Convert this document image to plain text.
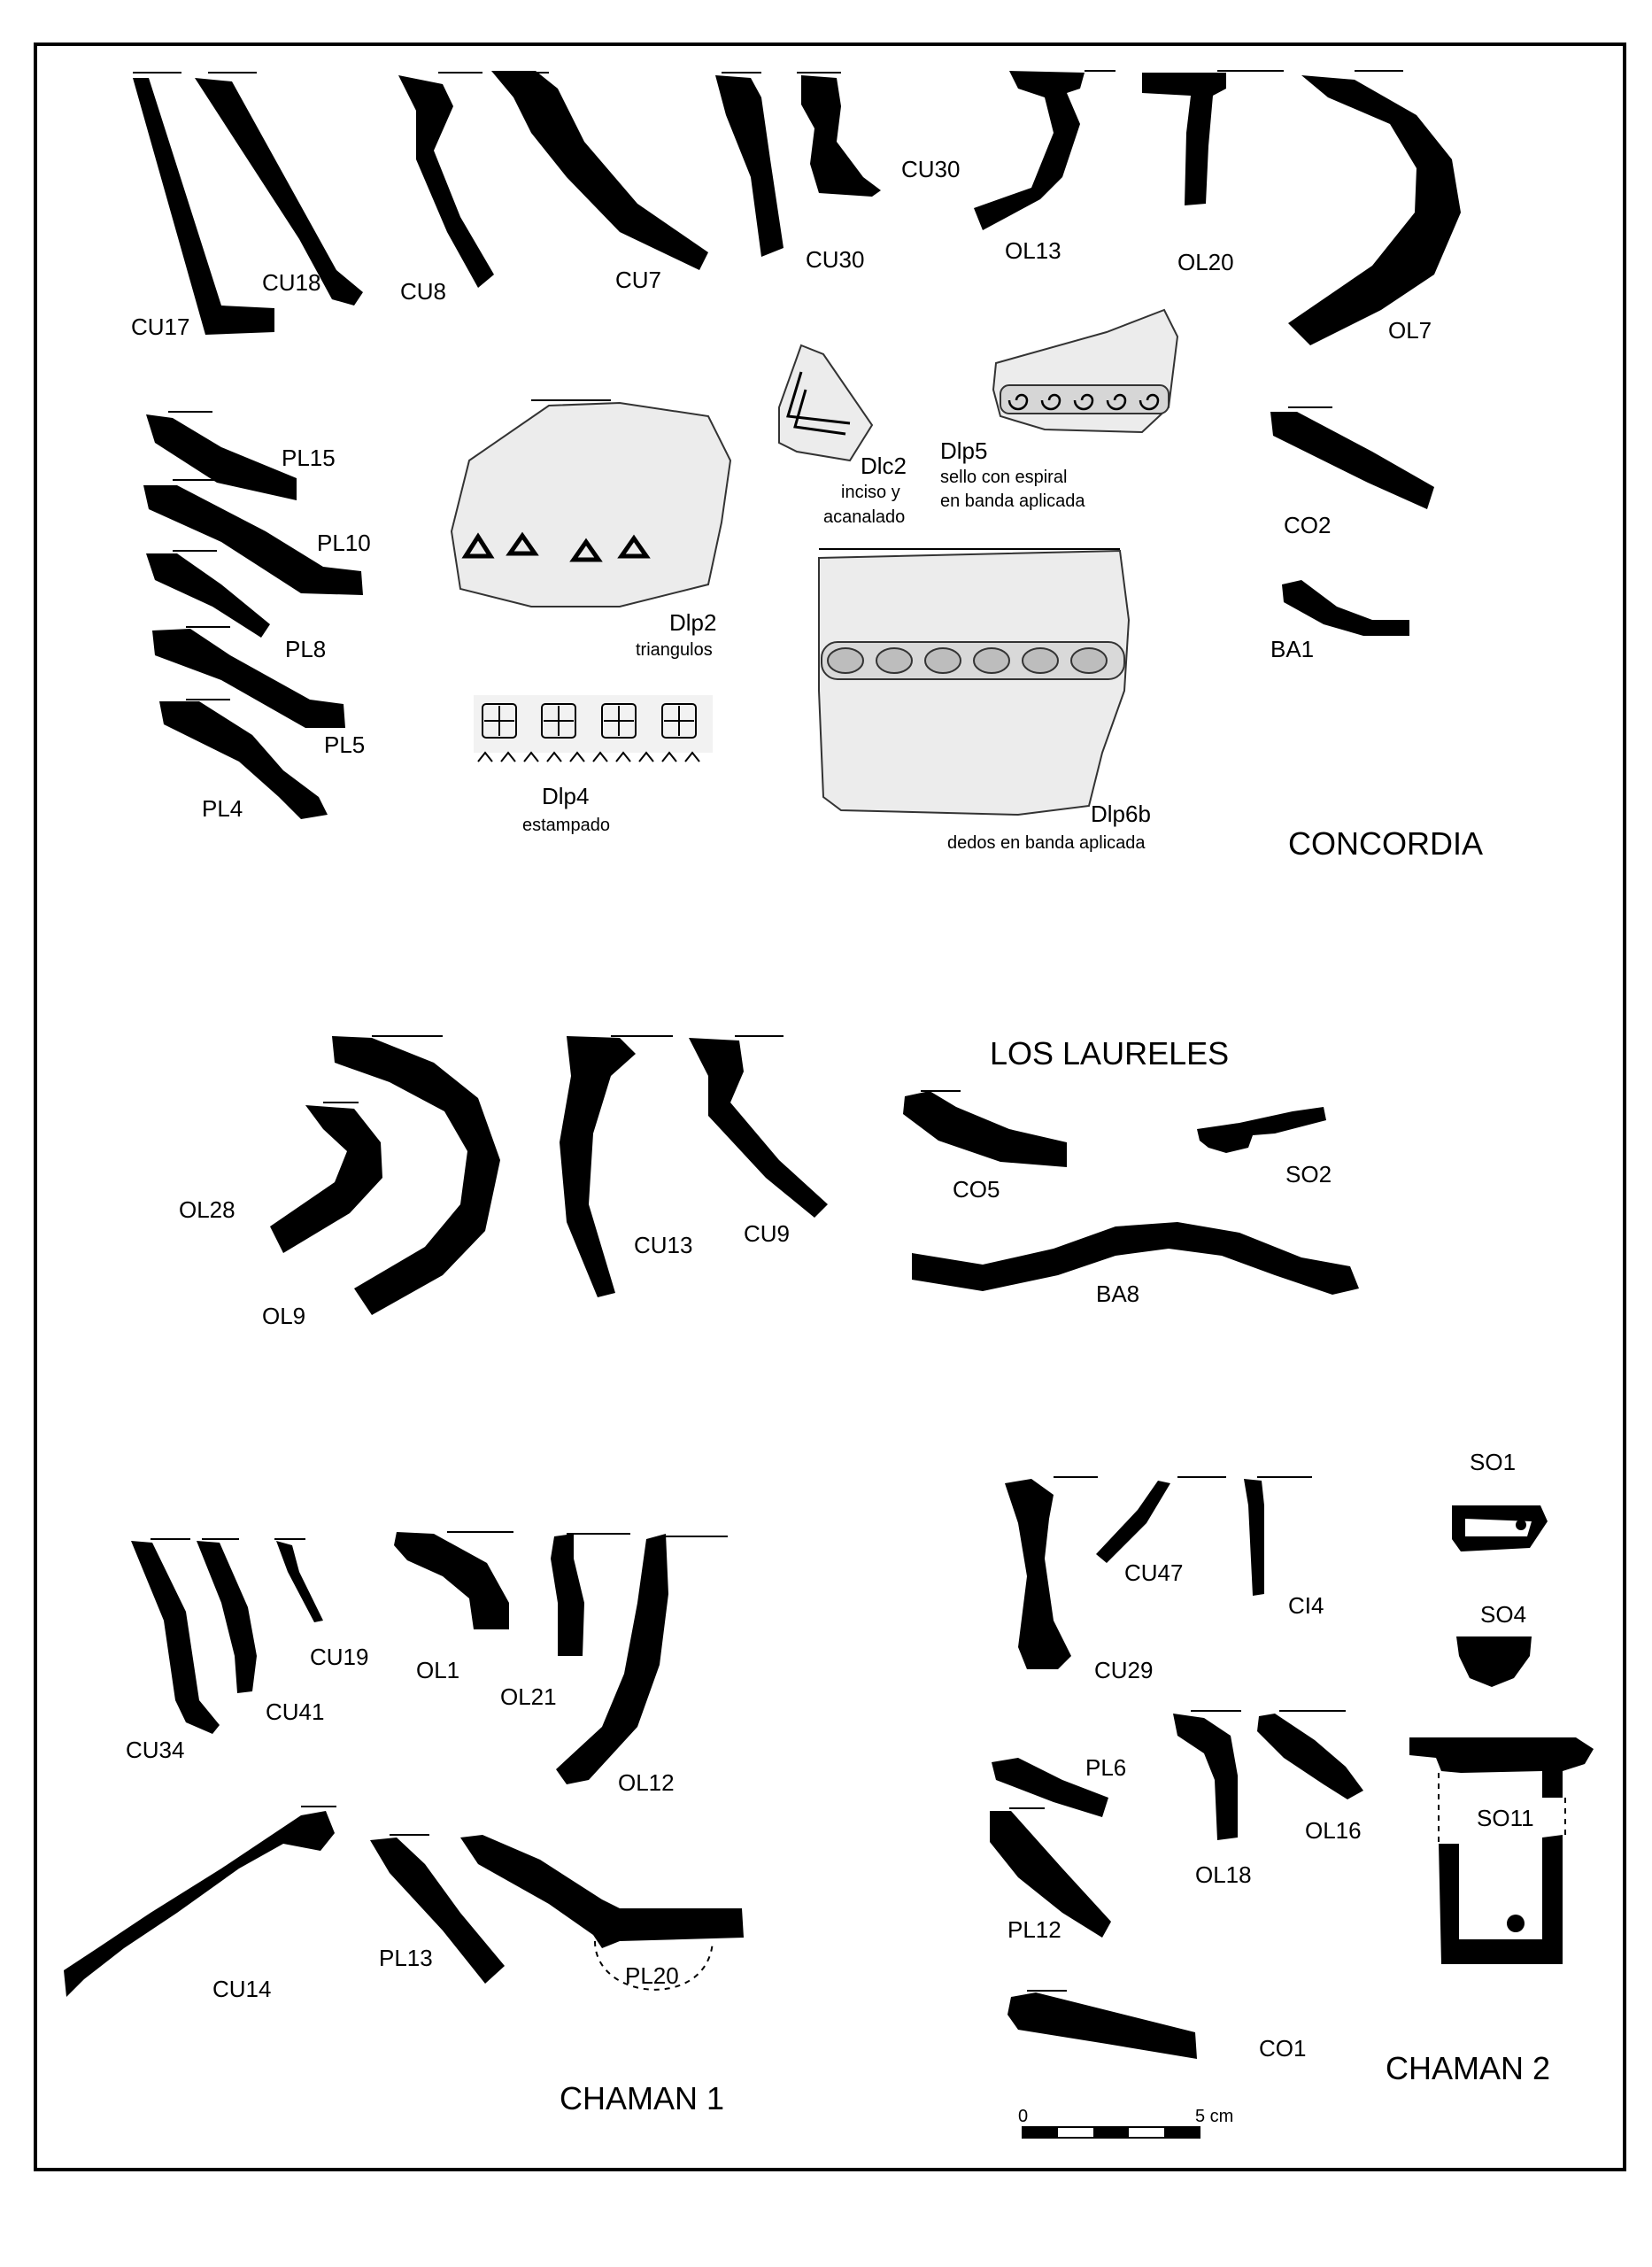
CU17
CU18	CU8	CU7
CU30
CU30	OL13	OL20
OL7
PL15
PL10
PL8
PL5
PL4
Dlp2
triangulos
Dlc2
inciso y
acanalado
Dlp5
sello con espiral
en banda aplicada
Dlp4
estampado	Dlp6b
dedos en banda aplicada
CO2
BA1
CONCORDIA
LOS LAURELES
OL28
OL9
CU13 CU9
CO5
SO2
BA8
CU34
CU41
CU19 OL1
OL21
OL12
CU14
PL13
PL20
CHAMAN 1
CU29
CU47
CI4
SO1
SO4
PL6
PL12
OL18
OL16	SO11
CO1
0	5 cm
CHAMAN 2
